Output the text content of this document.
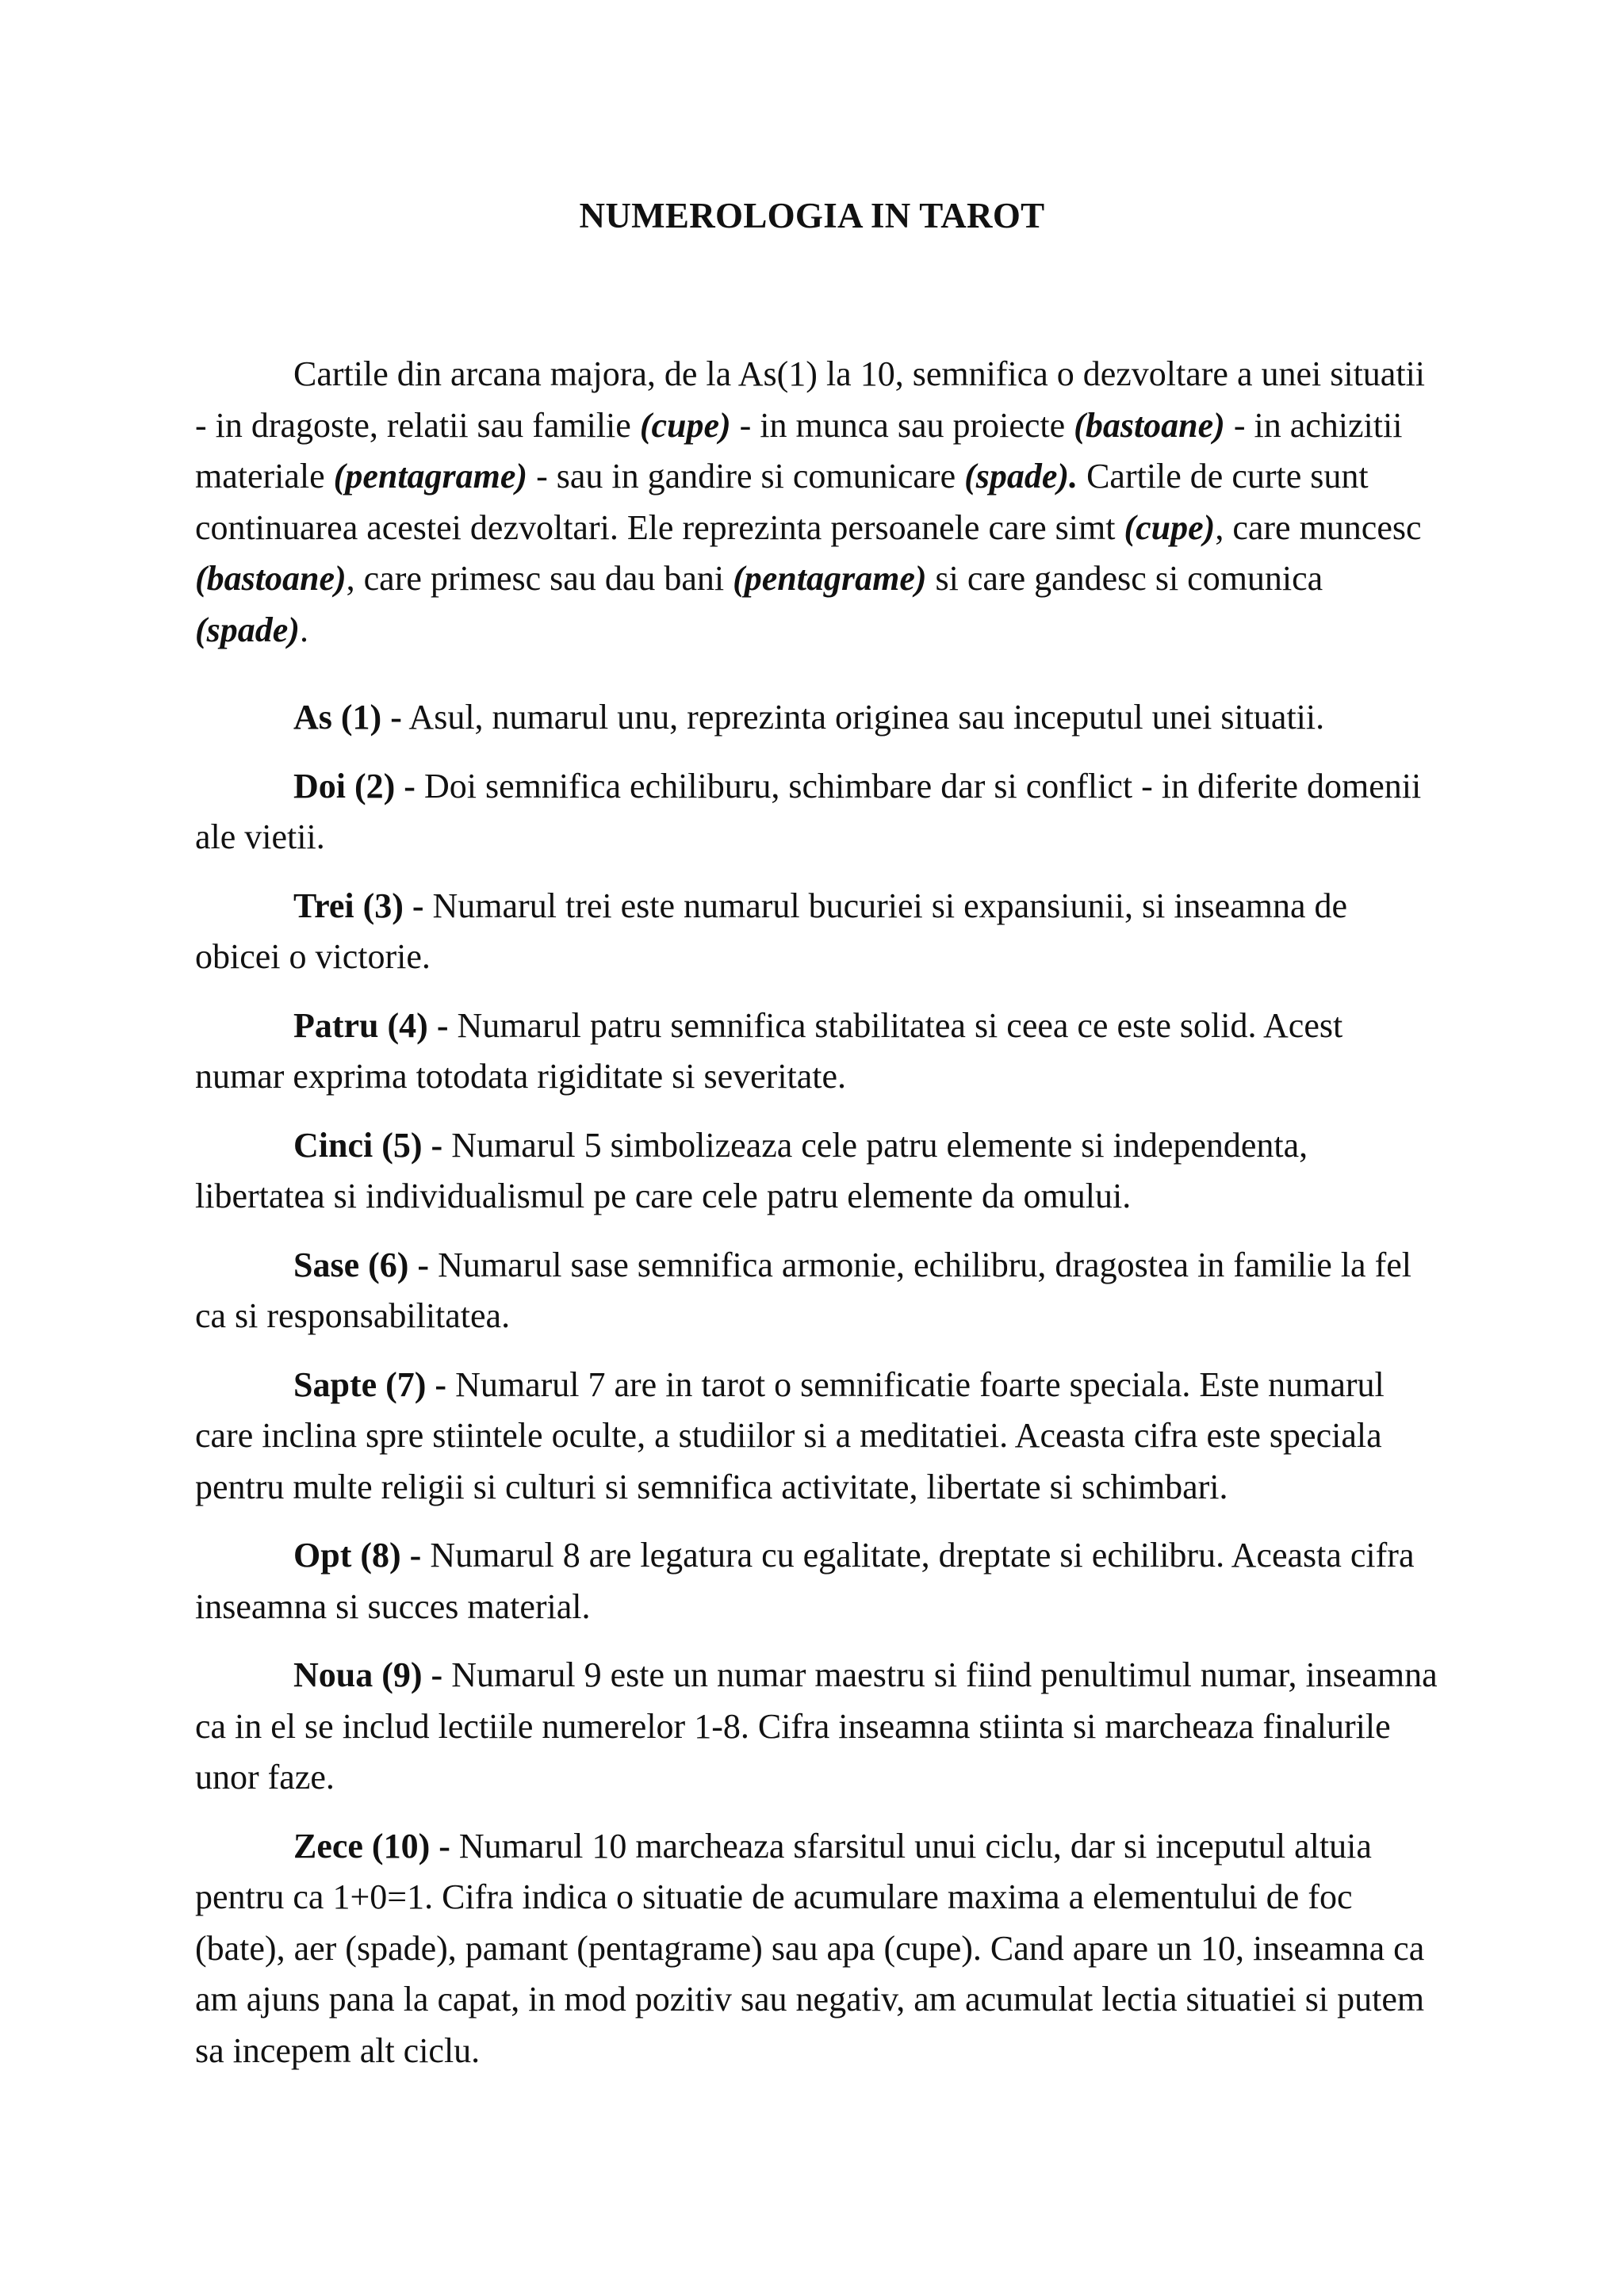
NUMEROLOGIA IN TAROT

Cartile din arcana majora, de la As(1) la 10, semnifica o dezvoltare a unei situatii - in dragoste, relatii sau familie (cupe) - in munca sau proiecte (bastoane) - in achizitii materiale (pentagrame) - sau in gandire si comunicare (spade). Cartile de curte sunt continuarea acestei dezvoltari. Ele reprezinta persoanele care simt (cupe), care muncesc (bastoane), care primesc sau dau bani (pentagrame) si care gandesc si comunica (spade).

As (1) - Asul, numarul unu, reprezinta originea sau inceputul unei situatii.

Doi (2) - Doi semnifica echiliburu, schimbare dar si conflict - in diferite domenii ale vietii.

Trei (3) - Numarul trei este numarul bucuriei si expansiunii, si inseamna de obicei o victorie.

Patru (4) - Numarul patru semnifica stabilitatea si ceea ce este solid. Acest numar exprima totodata rigiditate si severitate.

Cinci (5) - Numarul 5 simbolizeaza cele patru elemente si independenta, libertatea si individualismul pe care cele patru elemente da omului.

Sase (6) - Numarul sase semnifica armonie, echilibru, dragostea in familie la fel ca si responsabilitatea.

Sapte (7) - Numarul 7 are in tarot o semnificatie foarte speciala. Este numarul care inclina spre stiintele oculte, a studiilor si a meditatiei. Aceasta cifra este speciala pentru multe religii si culturi si semnifica activitate, libertate si schimbari.

Opt (8) - Numarul 8 are legatura cu egalitate, dreptate si echilibru. Aceasta cifra inseamna si succes material.

Noua (9) - Numarul 9 este un numar maestru si fiind penultimul numar, inseamna ca in el se includ lectiile numerelor 1-8. Cifra inseamna stiinta si marcheaza finalurile unor faze.

Zece (10) - Numarul 10 marcheaza sfarsitul unui ciclu, dar si inceputul altuia pentru ca 1+0=1. Cifra indica o situatie de acumulare maxima a elementului de foc (bate), aer (spade), pamant (pentagrame) sau apa (cupe). Cand apare un 10, inseamna ca am ajuns pana la capat, in mod pozitiv sau negativ, am acumulat lectia situatiei si putem sa incepem alt ciclu.
